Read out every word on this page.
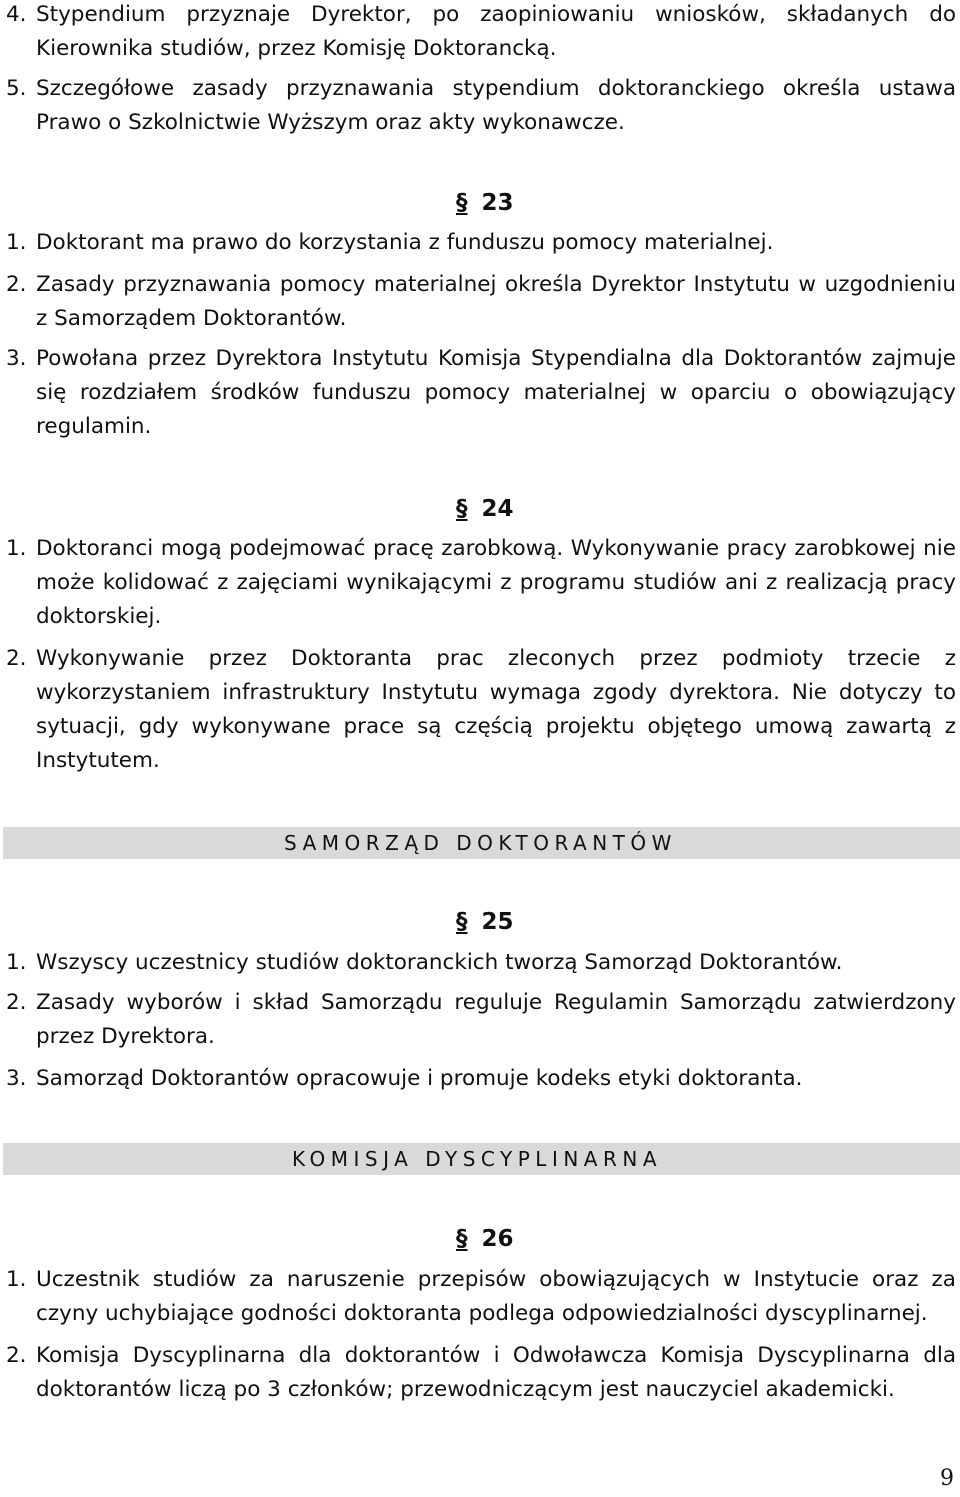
4. Stypendium przyznaje Dyrektor, po zaopiniowaniu wniosków, składanych do Kierownika studiów, przez Komisję Doktorancką.
5. Szczegółowe zasady przyznawania stypendium doktoranckiego określa ustawa Prawo o Szkolnictwie Wyższym oraz akty wykonawcze.
§ 23
1. Doktorant ma prawo do korzystania z funduszu pomocy materialnej.
2. Zasady przyznawania pomocy materialnej określa Dyrektor Instytutu w uzgodnieniu z Samorządem Doktorantów.
3. Powołana przez Dyrektora Instytutu Komisja Stypendialna dla Doktorantów zajmuje się rozdziałem środków funduszu pomocy materialnej w oparciu o obowiązujący regulamin.
§ 24
1. Doktoranci mogą podejmować pracę zarobkową. Wykonywanie pracy zarobkowej nie może kolidować z zajęciami wynikającymi z programu studiów ani z realizacją pracy doktorskiej.
2. Wykonywanie przez Doktoranta prac zleconych przez podmioty trzecie z wykorzystaniem infrastruktury Instytutu wymaga zgody dyrektora. Nie dotyczy to sytuacji, gdy wykonywane prace są częścią projektu objętego umową zawartą z Instytutem.
SAMORZĄD DOKTORANTÓW
§ 25
1. Wszyscy uczestnicy studiów doktoranckich tworzą Samorząd Doktorantów.
2. Zasady wyborów i skład Samorządu reguluje Regulamin Samorządu zatwierdzony przez Dyrektora.
3. Samorząd Doktorantów opracowuje i promuje kodeks etyki doktoranta.
KOMISJA DYSCYPLINARNA
§ 26
1. Uczestnik studiów za naruszenie przepisów obowiązujących w Instytucie oraz za czyny uchybiające godności doktoranta podlega odpowiedzialności dyscyplinarnej.
2. Komisja Dyscyplinarna dla doktorantów i Odwoławcza Komisja Dyscyplinarna dla doktorantów liczą po 3 członków; przewodniczącym jest nauczyciel akademicki.
9
